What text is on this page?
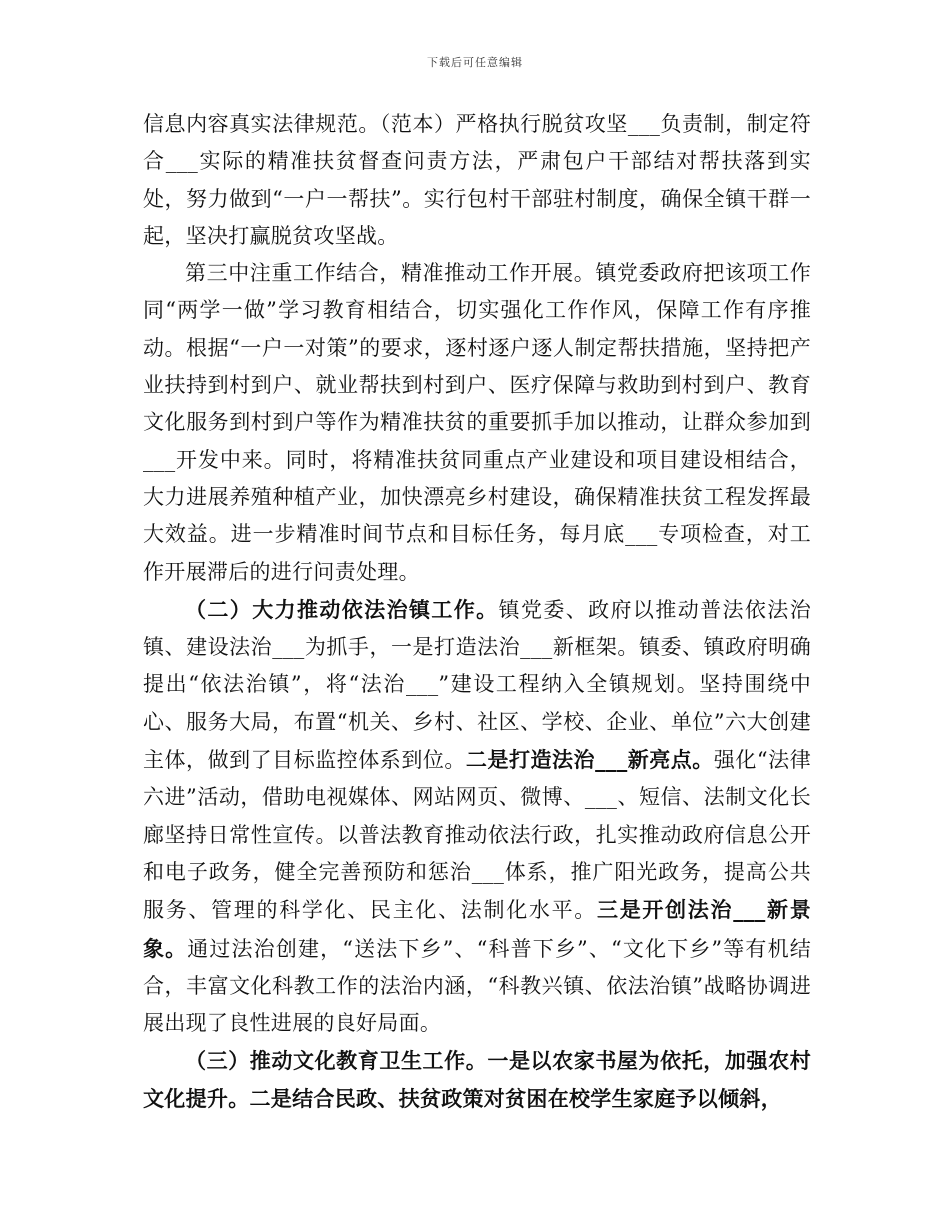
下载后可任意编辑

信息内容真实法律规范。（范本）严格执行脱贫攻坚___负责制，制定符合___实际的精准扶贫督查问责方法，严肃包户干部结对帮扶落到实处，努力做到“一户一帮扶”。实行包村干部驻村制度，确保全镇干群一起，坚决打赢脱贫攻坚战。

第三中注重工作结合，精准推动工作开展。镇党委政府把该项工作同“两学一做”学习教育相结合，切实强化工作作风，保障工作有序推动。根据“一户一对策”的要求，逐村逐户逐人制定帮扶措施，坚持把产业扶持到村到户、就业帮扶到村到户、医疗保障与救助到村到户、教育文化服务到村到户等作为精准扶贫的重要抓手加以推动，让群众参加到___开发中来。同时，将精准扶贫同重点产业建设和项目建设相结合，大力进展养殖种植产业，加快漂亮乡村建设，确保精准扶贫工程发挥最大效益。进一步精准时间节点和目标任务，每月底___专项检查，对工作开展滞后的进行问责处理。

（二）大力推动依法治镇工作。镇党委、政府以推动普法依法治镇、建设法治___为抓手，一是打造法治___新框架。镇委、镇政府明确提出“依法治镇”，将“法治___”建设工程纳入全镇规划。坚持围绕中心、服务大局，布置“机关、乡村、社区、学校、企业、单位”六大创建主体，做到了目标监控体系到位。二是打造法治___新亮点。强化“法律六进”活动，借助电视媒体、网站网页、微博、___、短信、法制文化长廊坚持日常性宣传。以普法教育推动依法行政，扎实推动政府信息公开和电子政务，健全完善预防和惩治___体系，推广阳光政务，提高公共服务、管理的科学化、民主化、法制化水平。三是开创法治___新景象。通过法治创建，“送法下乡”、“科普下乡”、“文化下乡”等有机结合，丰富文化科教工作的法治内涵，“科教兴镇、依法治镇”战略协调进展出现了良性进展的良好局面。

（三）推动文化教育卫生工作。一是以农家书屋为依托，加强农村文化提升。二是结合民政、扶贫政策对贫困在校学生家庭予以倾斜，
